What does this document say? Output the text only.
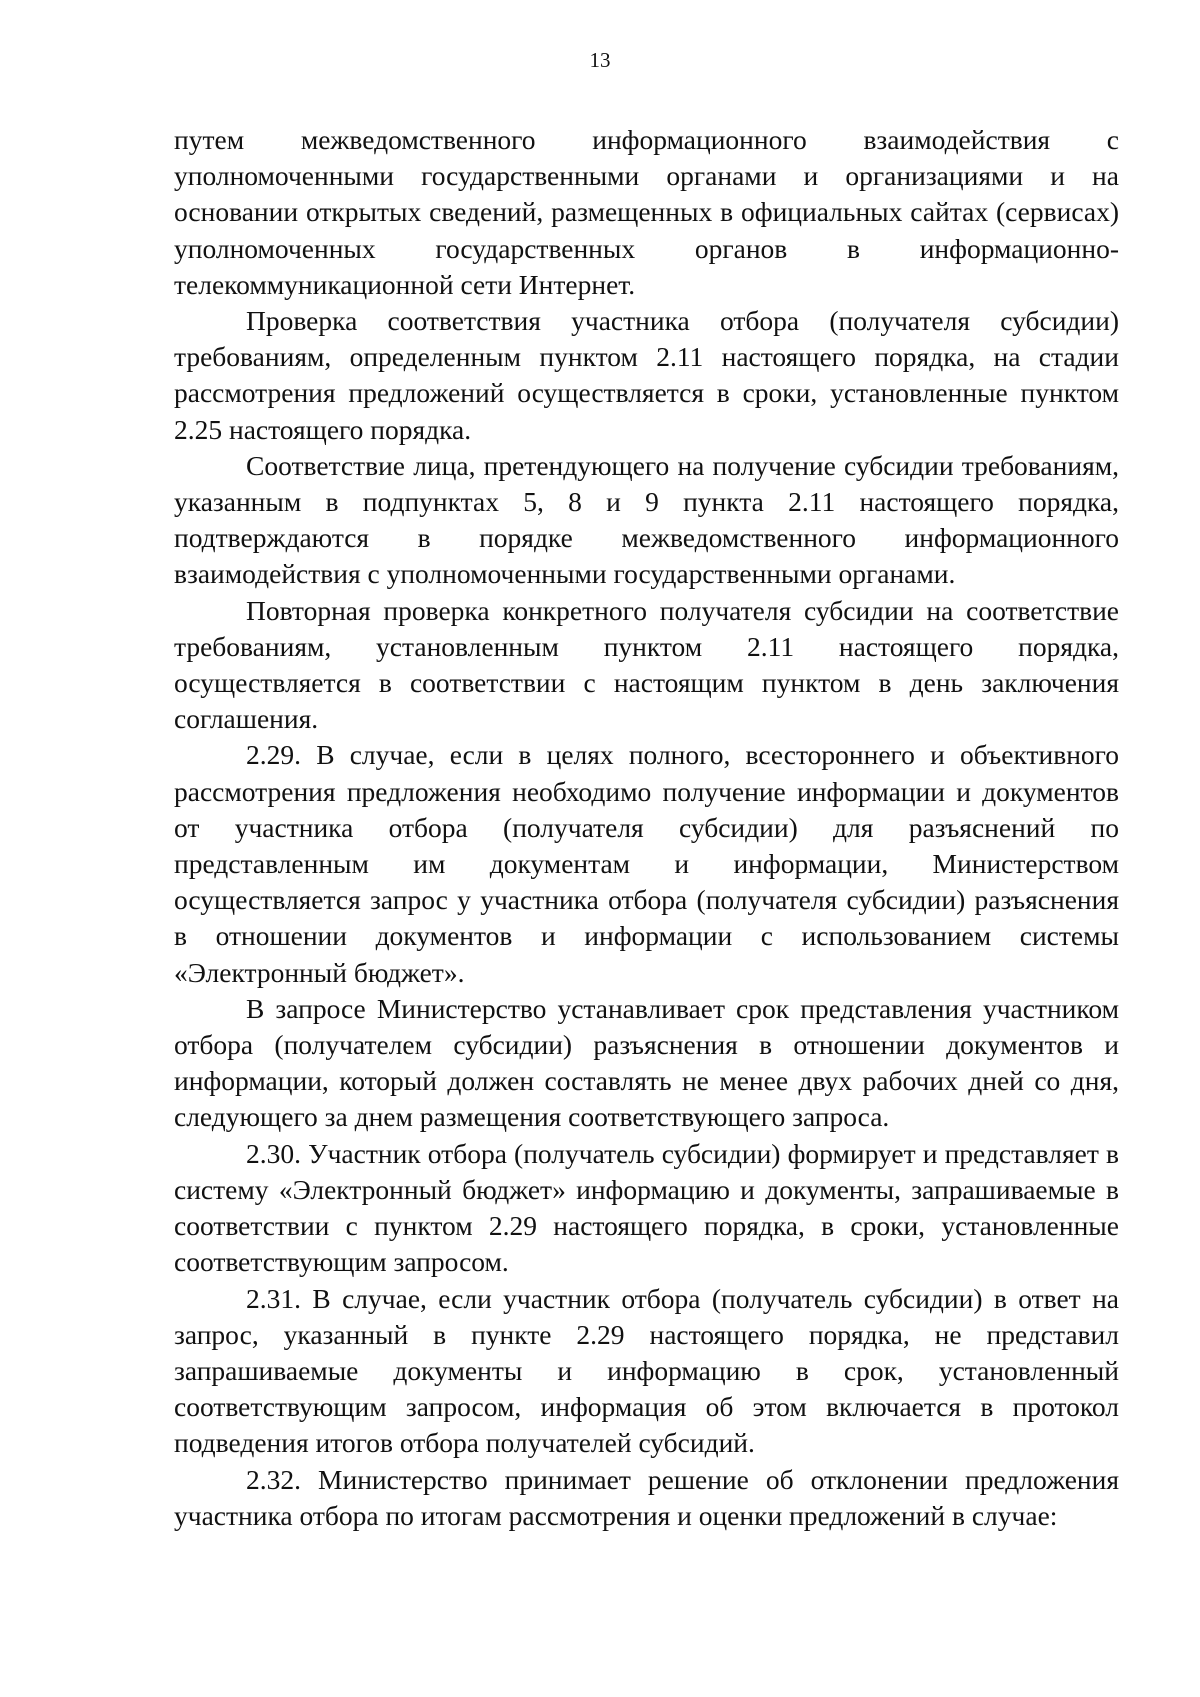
13

путем межведомственного информационного взаимодействия с уполномоченными государственными органами и организациями и на основании открытых сведений, размещенных в официальных сайтах (сервисах) уполномоченных государственных органов в информационно-телекоммуникационной сети Интернет.

Проверка соответствия участника отбора (получателя субсидии) требованиям, определенным пунктом 2.11 настоящего порядка, на стадии рассмотрения предложений осуществляется в сроки, установленные пунктом 2.25 настоящего порядка.

Соответствие лица, претендующего на получение субсидии требованиям, указанным в подпунктах 5, 8 и 9 пункта 2.11 настоящего порядка, подтверждаются в порядке межведомственного информационного взаимодействия с уполномоченными государственными органами.

Повторная проверка конкретного получателя субсидии на соответствие требованиям, установленным пунктом 2.11 настоящего порядка, осуществляется в соответствии с настоящим пунктом в день заключения соглашения.

2.29. В случае, если в целях полного, всестороннего и объективного рассмотрения предложения необходимо получение информации и документов от участника отбора (получателя субсидии) для разъяснений по представленным им документам и информации, Министерством осуществляется запрос у участника отбора (получателя субсидии) разъяснения в отношении документов и информации с использованием системы «Электронный бюджет».

В запросе Министерство устанавливает срок представления участником отбора (получателем субсидии) разъяснения в отношении документов и информации, который должен составлять не менее двух рабочих дней со дня, следующего за днем размещения соответствующего запроса.

2.30. Участник отбора (получатель субсидии) формирует и представляет в систему «Электронный бюджет» информацию и документы, запрашиваемые в соответствии с пунктом 2.29 настоящего порядка, в сроки, установленные соответствующим запросом.

2.31. В случае, если участник отбора (получатель субсидии) в ответ на запрос, указанный в пункте 2.29 настоящего порядка, не представил запрашиваемые документы и информацию в срок, установленный соответствующим запросом, информация об этом включается в протокол подведения итогов отбора получателей субсидий.

2.32. Министерство принимает решение об отклонении предложения участника отбора по итогам рассмотрения и оценки предложений в случае:
